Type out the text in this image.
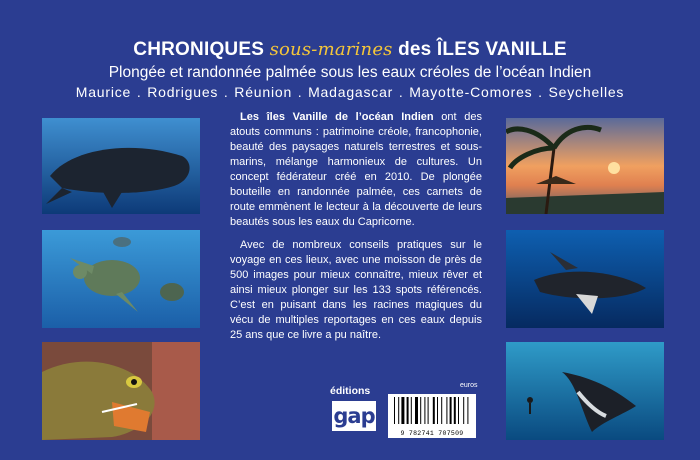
CHRONIQUES sous-marines des ÎLES VANILLE
Plongée et randonnée palmée sous les eaux créoles de l’océan Indien
Maurice . Rodrigues . Réunion . Madagascar . Mayotte-Comores . Seychelles

Les îles Vanille de l’océan Indien ont des atouts communs : patrimoine créole, francophonie, beauté des paysages naturels terrestres et sous-marins, mélange harmonieux de cultures. Un concept fédérateur créé en 2010. De plongée bouteille en randonnée palmée, ces carnets de route emmènent le lecteur à la découverte de leurs beautés sous les eaux du Capricorne.

Avec de nombreux conseils pratiques sur le voyage en ces lieux, avec une moisson de près de 500 images pour mieux connaître, mieux rêver et ainsi mieux plonger sur les 133 spots référencés. C’est en puisant dans les racines magiques du vécu de multiples reportages en ces eaux depuis 25 ans que ce livre a pu naître.

euros
éditions
gap
9 782741 707509
